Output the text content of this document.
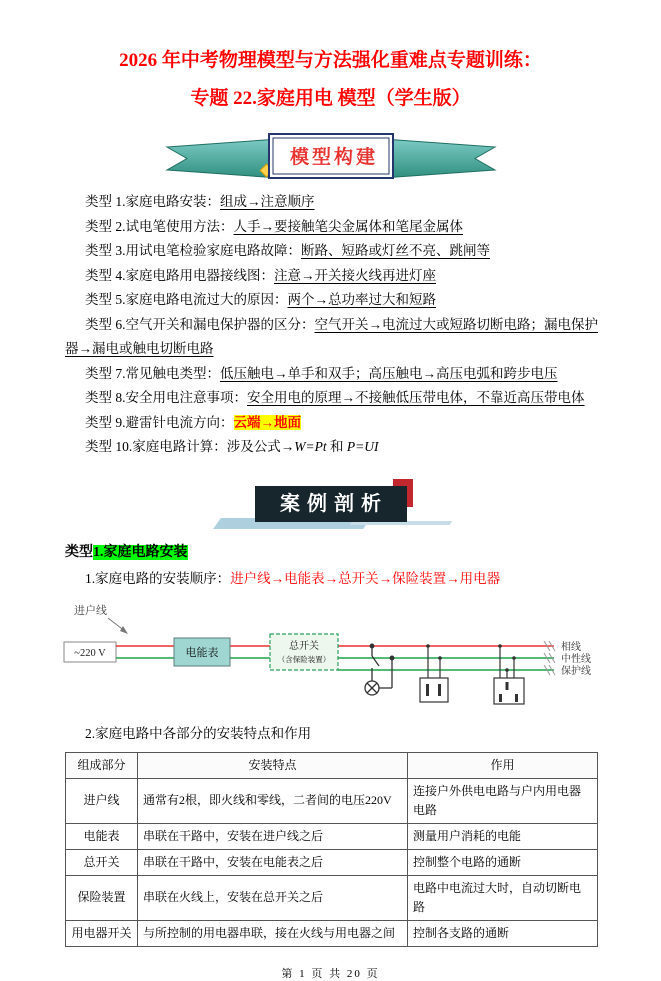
2026 年中考物理模型与方法强化重难点专题训练：
专题 22.家庭用电 模型（学生版）
模型构建

类型 1.家庭电路安装：组成→注意顺序

类型 2.试电笔使用方法：人手→要接触笔尖金属体和笔尾金属体

类型 3.用试电笔检验家庭电路故障：断路、短路或灯丝不亮、跳闸等

类型 4.家庭电路用电器接线图：注意→开关接火线再进灯座

类型 5.家庭电路电流过大的原因：两个→总功率过大和短路

类型 6.空气开关和漏电保护器的区分：空气开关→电流过大或短路切断电路；漏电保护器→漏电或触电切断电路

类型 7.常见触电类型：低压触电→单手和双手；高压触电→高压电弧和跨步电压

类型 8.安全用电注意事项：安全用电的原理→不接触低压带电体，不靠近高压带电体

类型 9.避雷针电流方向：云端→地面

类型 10.家庭电路计算：涉及公式→W=Pt 和 P=UI

案例剖析
类型1.家庭电路安装

1.家庭电路的安装顺序：进户线→电能表→总开关→保险装置→用电器

进户线
~220 V	电能表
总开关
（含保险装置）
相线
中性线
保护线

2.家庭电路中各部分的安装特点和作用

组成部分	安装特点	作用
进户线	通常有2根，即火线和零线，二者间的电压220V	连接户外供电电路与户内用电器电路
电能表	串联在干路中，安装在进户线之后	测量用户消耗的电能
总开关	串联在干路中，安装在电能表之后	控制整个电路的通断
保险装置	串联在火线上，安装在总开关之后	电路中电流过大时，自动切断电路
用电器开关	与所控制的用电器串联，接在火线与用电器之间	控制各支路的通断
第 1 页 共 20 页
